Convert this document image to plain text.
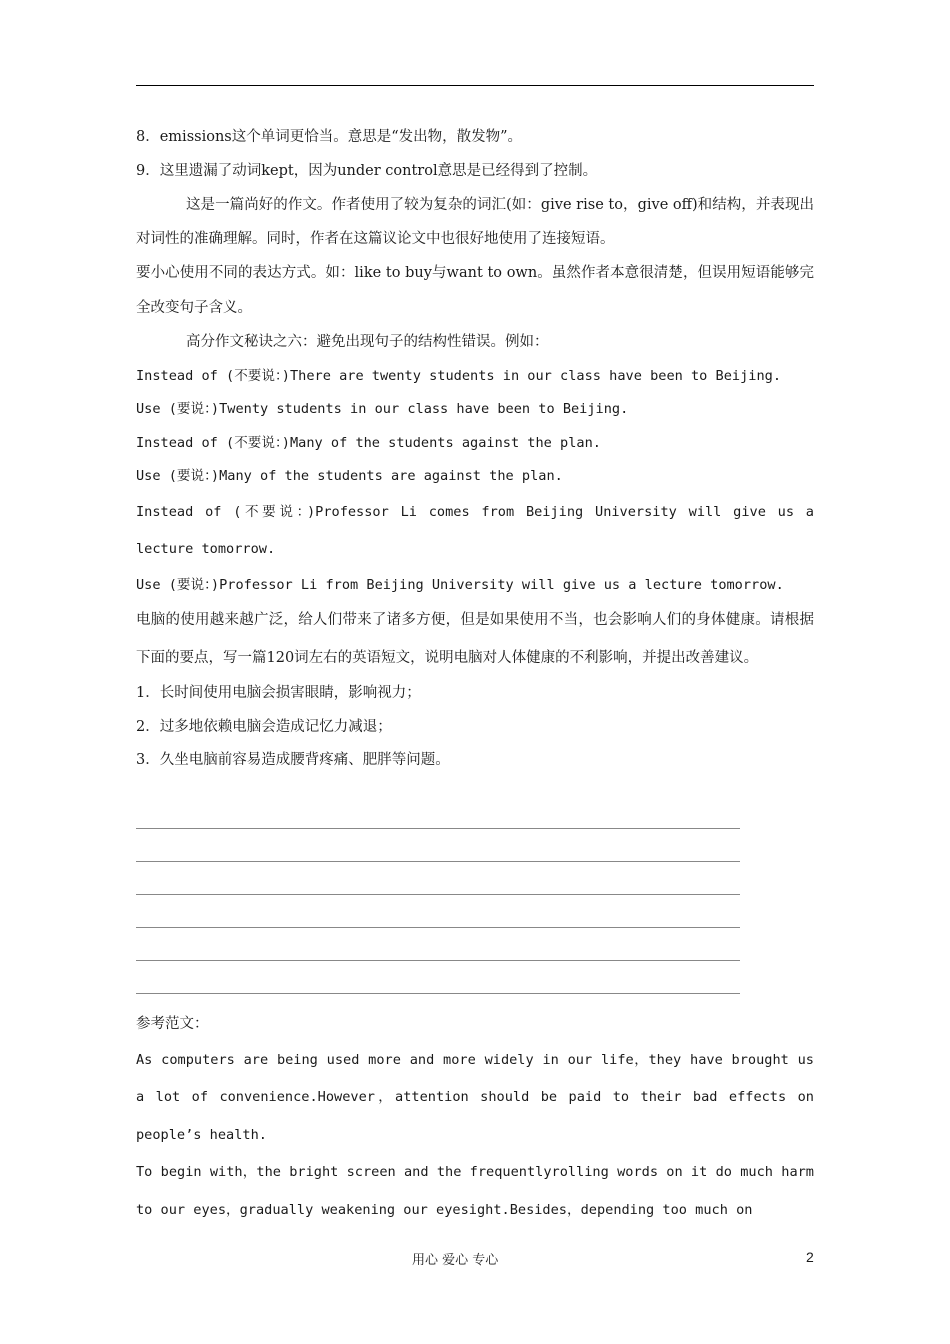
8．emissions这个单词更恰当。意思是“发出物，散发物”。

9．这里遗漏了动词kept，因为under control意思是已经得到了控制。

这是一篇尚好的作文。作者使用了较为复杂的词汇(如：give rise to，give off)和结构，并表现出对词性的准确理解。同时，作者在这篇议论文中也很好地使用了连接短语。

要小心使用不同的表达方式。如：like to buy与want to own。虽然作者本意很清楚，但误用短语能够完全改变句子含义。

高分作文秘诀之六：避免出现句子的结构性错误。例如：

Instead of (不要说：)There are twenty students in our class have been to Beijing.

Use (要说：)Twenty students in our class have been to Beijing.

Instead of (不要说：)Many of the students against the plan.

Use (要说：)Many of the students are against the plan.

Instead of (不要说：)Professor Li comes from Beijing University will give us a lecture tomorrow.

Use (要说：)Professor Li from Beijing University will give us a lecture tomorrow.

电脑的使用越来越广泛，给人们带来了诸多方便，但是如果使用不当，也会影响人们的身体健康。请根据下面的要点，写一篇120词左右的英语短文，说明电脑对人体健康的不利影响，并提出改善建议。

1．长时间使用电脑会损害眼睛，影响视力；

2．过多地依赖电脑会造成记忆力减退；

3．久坐电脑前容易造成腰背疼痛、肥胖等问题。

参考范文：

As computers are being used more and more widely in our life，they have brought us a lot of convenience.However，attention should be paid to their bad effects on people’s health.

To begin with，the bright screen and the frequentlyrolling words on it do much harm to our eyes，gradually weakening our eyesight.Besides，depending too much on

用心 爱心 专心	2
